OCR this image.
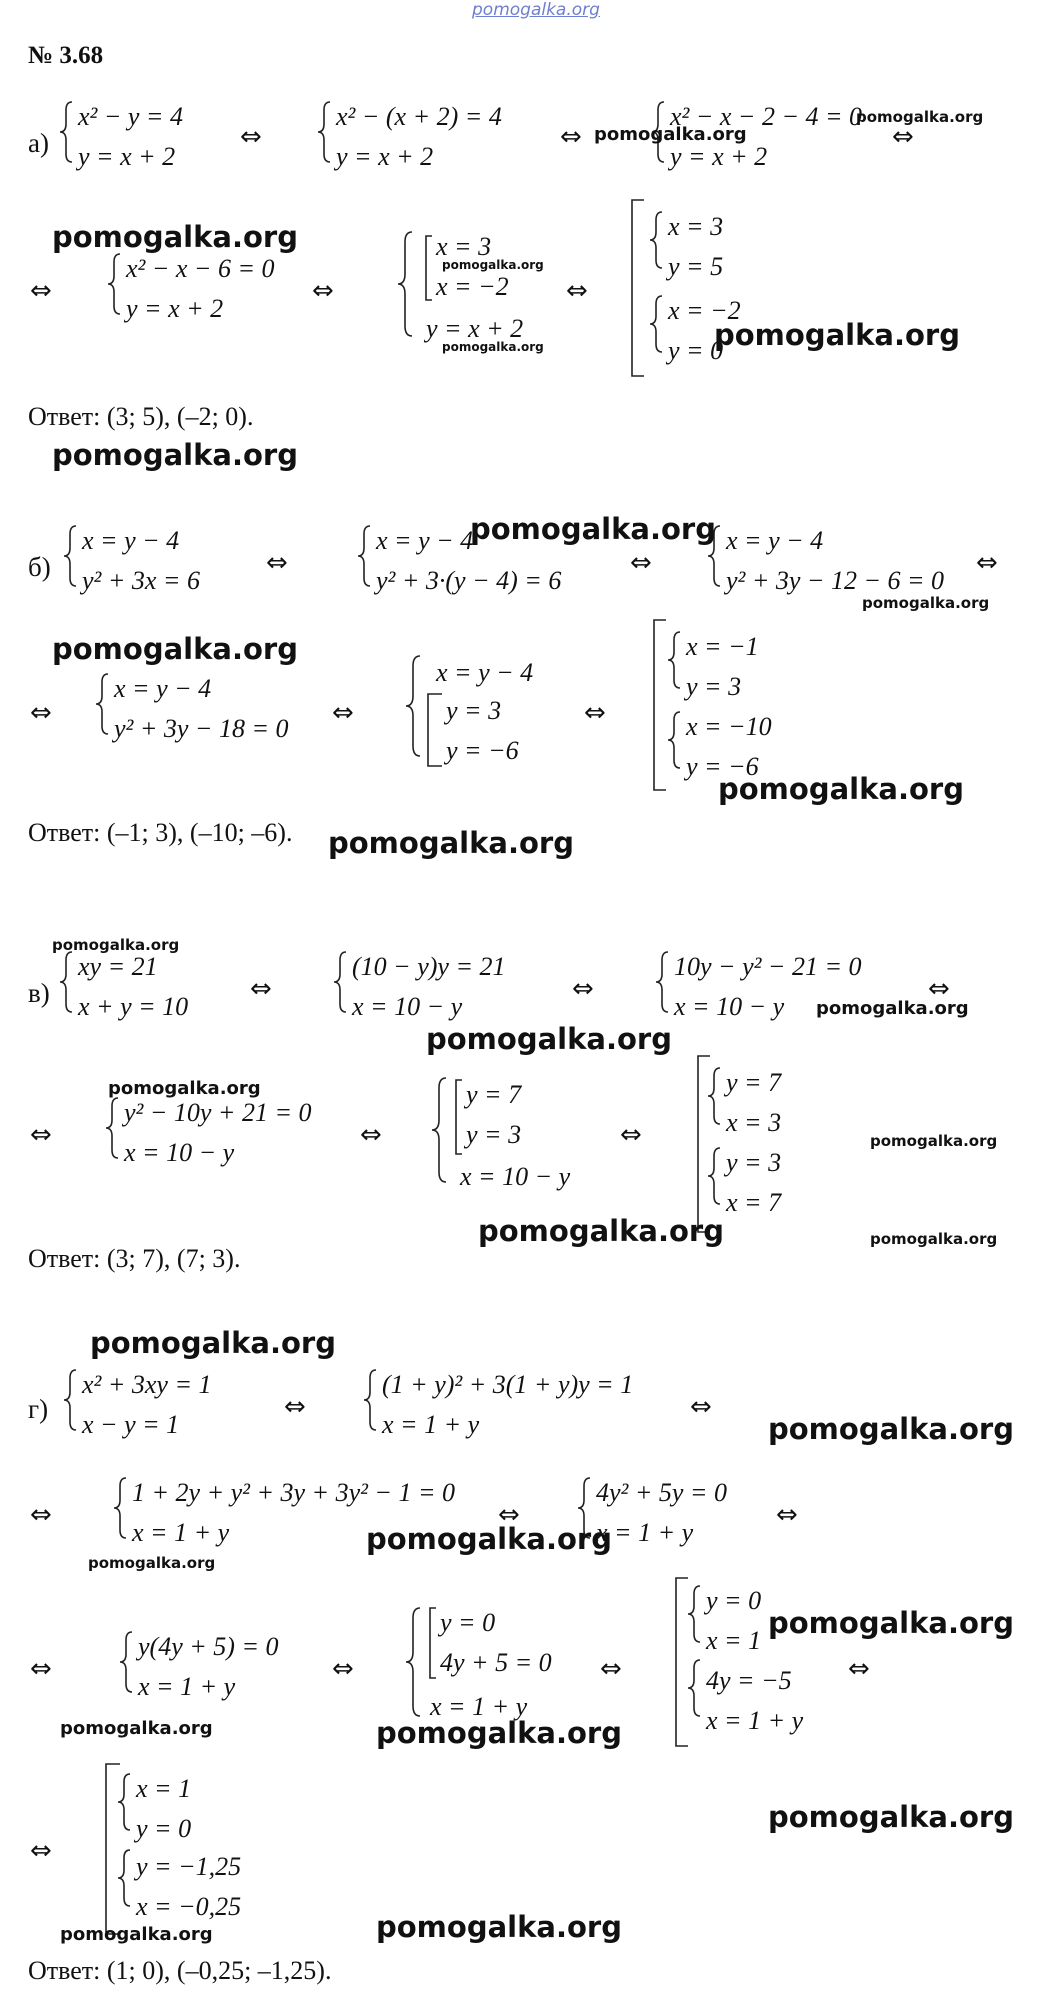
pomogalka.org
№ 3.68
а)
x² − y = 4
y = x + 2
⇔
x² − (x + 2) = 4
y = x + 2
⇔
x² − x − 2 − 4 = 0
y = x + 2
⇔
⇔
x² − x − 6 = 0
y = x + 2
⇔
x = 3
x = −2
y = x + 2
⇔
x = 3
y = 5
x = −2
y = 0
Ответ: (3; 5), (–2; 0).
б)
x = y − 4
y² + 3x = 6
⇔
x = y − 4
y² + 3·(y − 4) = 6
⇔
x = y − 4
y² + 3y − 12 − 6 = 0
⇔
⇔
x = y − 4
y² + 3y − 18 = 0
⇔
x = y − 4
y = 3
y = −6
⇔
x = −1
y = 3
x = −10
y = −6
Ответ: (–1; 3), (–10; –6).
в)
xy = 21
x + y = 10
⇔
(10 − y)y = 21
x = 10 − y
⇔
10y − y² − 21 = 0
x = 10 − y
⇔
⇔
y² − 10y + 21 = 0
x = 10 − y
⇔
y = 7
y = 3
x = 10 − y
⇔
y = 7
x = 3
y = 3
x = 7
Ответ: (3; 7), (7; 3).
г)
x² + 3xy = 1
x − y = 1
⇔
(1 + y)² + 3(1 + y)y = 1
x = 1 + y
⇔
⇔
1 + 2y + y² + 3y + 3y² − 1 = 0
x = 1 + y
⇔
4y² + 5y = 0
x = 1 + y
⇔
⇔
y(4y + 5) = 0
x = 1 + y
⇔
y = 0
4y + 5 = 0
x = 1 + y
⇔
y = 0
x = 1
4y = −5
x = 1 + y
⇔
⇔
x = 1
y = 0
y = −1,25
x = −0,25
Ответ: (1; 0), (–0,25; –1,25).
pomogalka.org
pomogalka.org
pomogalka.org
pomogalka.org
pomogalka.org	pomogalka.org
pomogalka.org
pomogalka.org
pomogalka.org
pomogalka.org
pomogalka.org
pomogalka.org
pomogalka.org
pomogalka.org
pomogalka.org
pomogalka.org
pomogalka.org
pomogalka.org	pomogalka.org
pomogalka.org
pomogalka.org
pomogalka.org
pomogalka.org
pomogalka.org
pomogalka.org	pomogalka.org
pomogalka.org
pomogalka.org	pomogalka.org
